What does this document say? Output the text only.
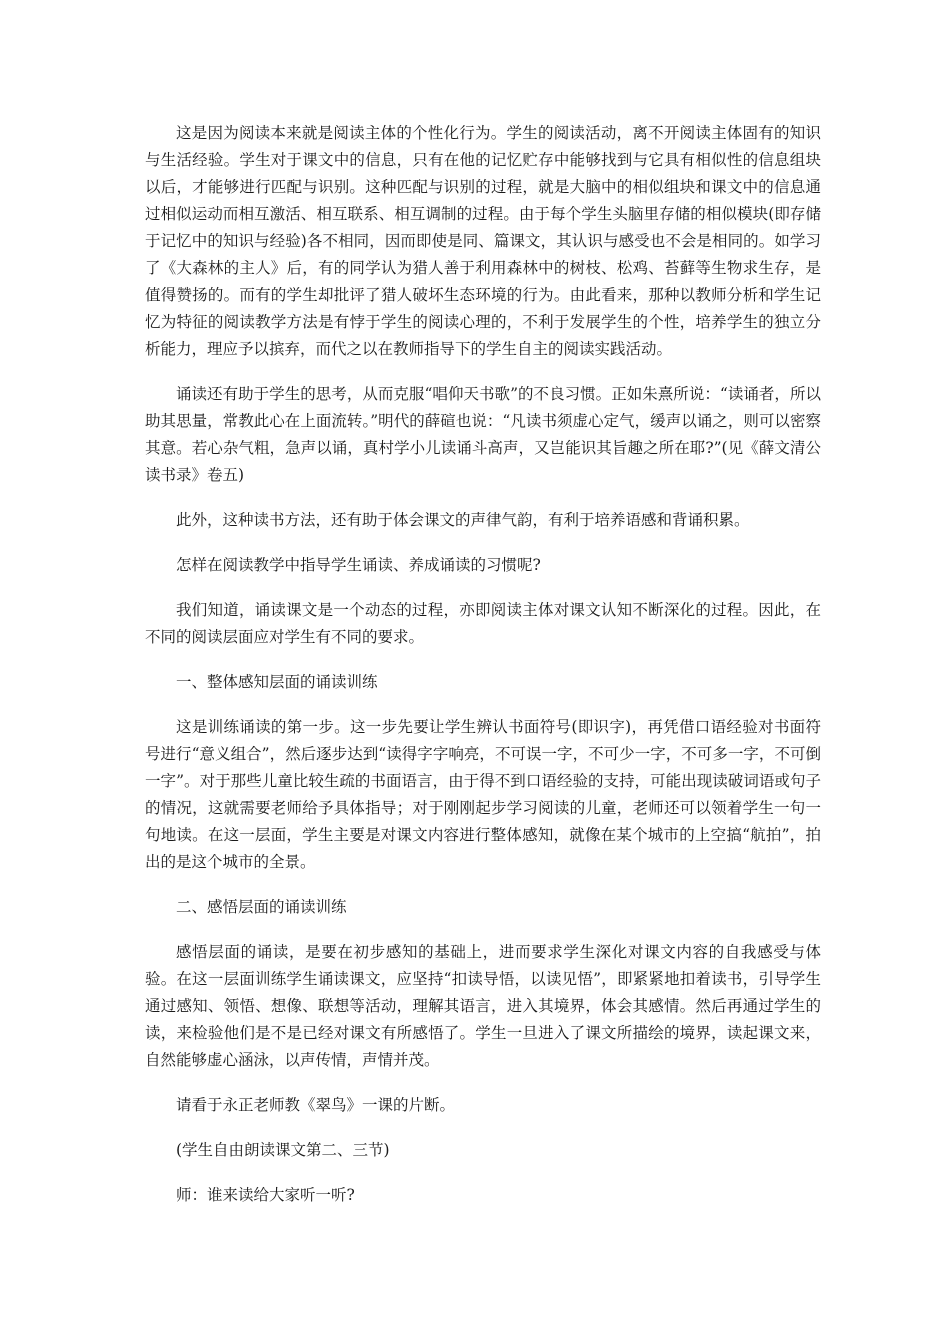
这是因为阅读本来就是阅读主体的个性化行为。学生的阅读活动，离不开阅读主体固有的知识与生活经验。学生对于课文中的信息，只有在他的记忆贮存中能够找到与它具有相似性的信息组块以后，才能够进行匹配与识别。这种匹配与识别的过程，就是大脑中的相似组块和课文中的信息通过相似运动而相互激活、相互联系、相互调制的过程。由于每个学生头脑里存储的相似模块(即存储于记忆中的知识与经验)各不相同，因而即使是同、篇课文，其认识与感受也不会是相同的。如学习了《大森林的主人》后，有的同学认为猎人善于利用森林中的树枝、松鸡、苔藓等生物求生存，是值得赞扬的。而有的学生却批评了猎人破坏生态环境的行为。由此看来，那种以教师分析和学生记忆为特征的阅读教学方法是有悖于学生的阅读心理的，不利于发展学生的个性，培养学生的独立分析能力，理应予以摈弃，而代之以在教师指导下的学生自主的阅读实践活动。

诵读还有助于学生的思考，从而克服“唱仰天书歌”的不良习惯。正如朱熹所说：“读诵者，所以助其思量，常教此心在上面流转。”明代的薛碹也说：“凡读书须虚心定气，缓声以诵之，则可以密察其意。若心杂气粗，急声以诵，真村学小儿读诵斗高声，又岂能识其旨趣之所在耶?”(见《薛文清公读书录》卷五)

此外，这种读书方法，还有助于体会课文的声律气韵，有利于培养语感和背诵积累。

怎样在阅读教学中指导学生诵读、养成诵读的习惯呢?

我们知道，诵读课文是一个动态的过程，亦即阅读主体对课文认知不断深化的过程。因此，在不同的阅读层面应对学生有不同的要求。

一、整体感知层面的诵读训练

这是训练诵读的第一步。这一步先要让学生辨认书面符号(即识字)，再凭借口语经验对书面符号进行“意义组合”，然后逐步达到“读得字字响亮，不可误一字，不可少一字，不可多一字，不可倒一字”。对于那些儿童比较生疏的书面语言，由于得不到口语经验的支持，可能出现读破词语或句子的情况，这就需要老师给予具体指导；对于刚刚起步学习阅读的儿童，老师还可以领着学生一句一句地读。在这一层面，学生主要是对课文内容进行整体感知，就像在某个城市的上空搞“航拍”，拍出的是这个城市的全景。

二、感悟层面的诵读训练

感悟层面的诵读，是要在初步感知的基础上，进而要求学生深化对课文内容的自我感受与体验。在这一层面训练学生诵读课文，应坚持“扣读导悟，以读见悟”，即紧紧地扣着读书，引导学生通过感知、领悟、想像、联想等活动，理解其语言，进入其境界，体会其感情。然后再通过学生的读，来检验他们是不是已经对课文有所感悟了。学生一旦进入了课文所描绘的境界，读起课文来，自然能够虚心涵泳，以声传情，声情并茂。

请看于永正老师教《翠鸟》一课的片断。

(学生自由朗读课文第二、三节)

师：谁来读给大家听一听?
